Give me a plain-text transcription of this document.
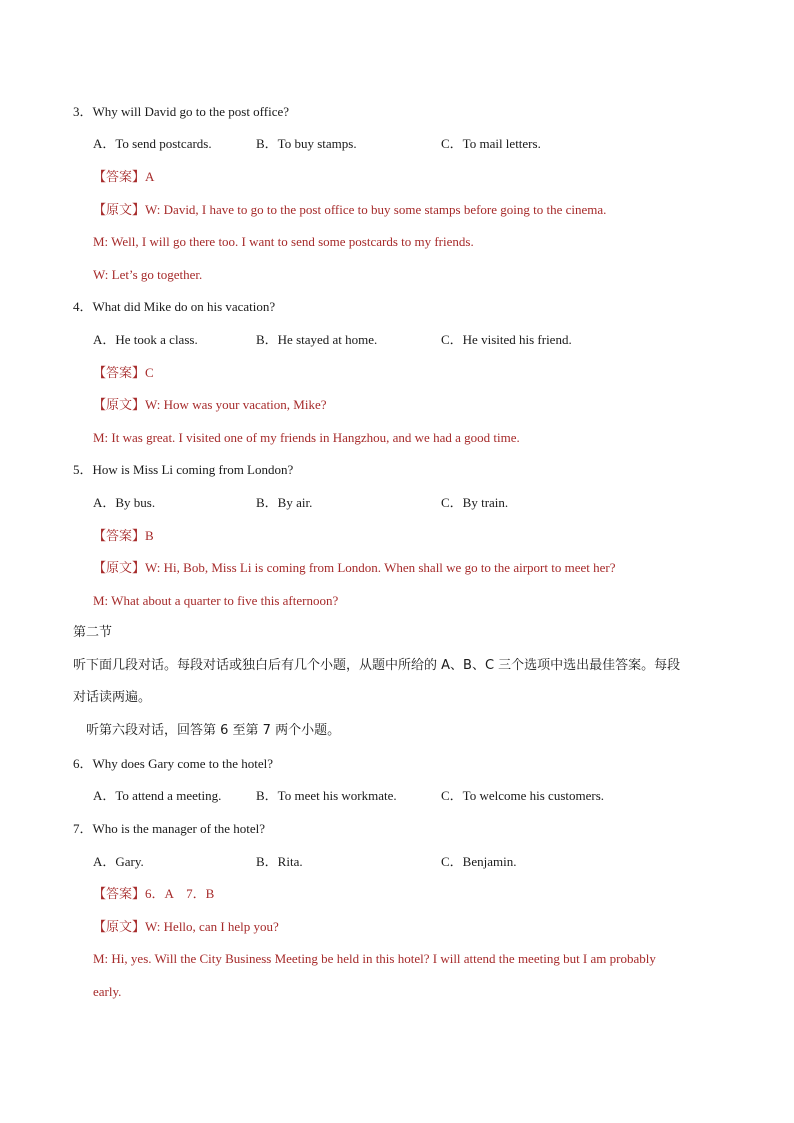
3．Why will David go to the post office?
A．To send postcards.	B．To buy stamps.	C．To mail letters.
【答案】A
【原文】W: David, I have to go to the post office to buy some stamps before going to the cinema.
M: Well, I will go there too. I want to send some postcards to my friends.
W: Let’s go together.
4．What did Mike do on his vacation?
A．He took a class.	B．He stayed at home.	C．He visited his friend.
【答案】C
【原文】W: How was your vacation, Mike?
M: It was great. I visited one of my friends in Hangzhou, and we had a good time.
5．How is Miss Li coming from London?
A．By bus.	B．By air.	C．By train.
【答案】B
【原文】W: Hi, Bob, Miss Li is coming from London. When shall we go to the airport to meet her?
M: What about a quarter to five this afternoon?
第二节
听下面几段对话。每段对话或独白后有几个小题，从题中所给的 A、B、C 三个选项中选出最佳答案。每段
对话读两遍。
听第六段对话，回答第 6 至第 7 两个小题。
6．Why does Gary come to the hotel?
A．To attend a meeting.	B．To meet his workmate.	C．To welcome his customers.
7．Who is the manager of the hotel?
A．Gary.	B．Rita.	C．Benjamin.
【答案】6．A    7．B
【原文】W: Hello, can I help you?
M: Hi, yes. Will the City Business Meeting be held in this hotel? I will attend the meeting but I am probably
early.
